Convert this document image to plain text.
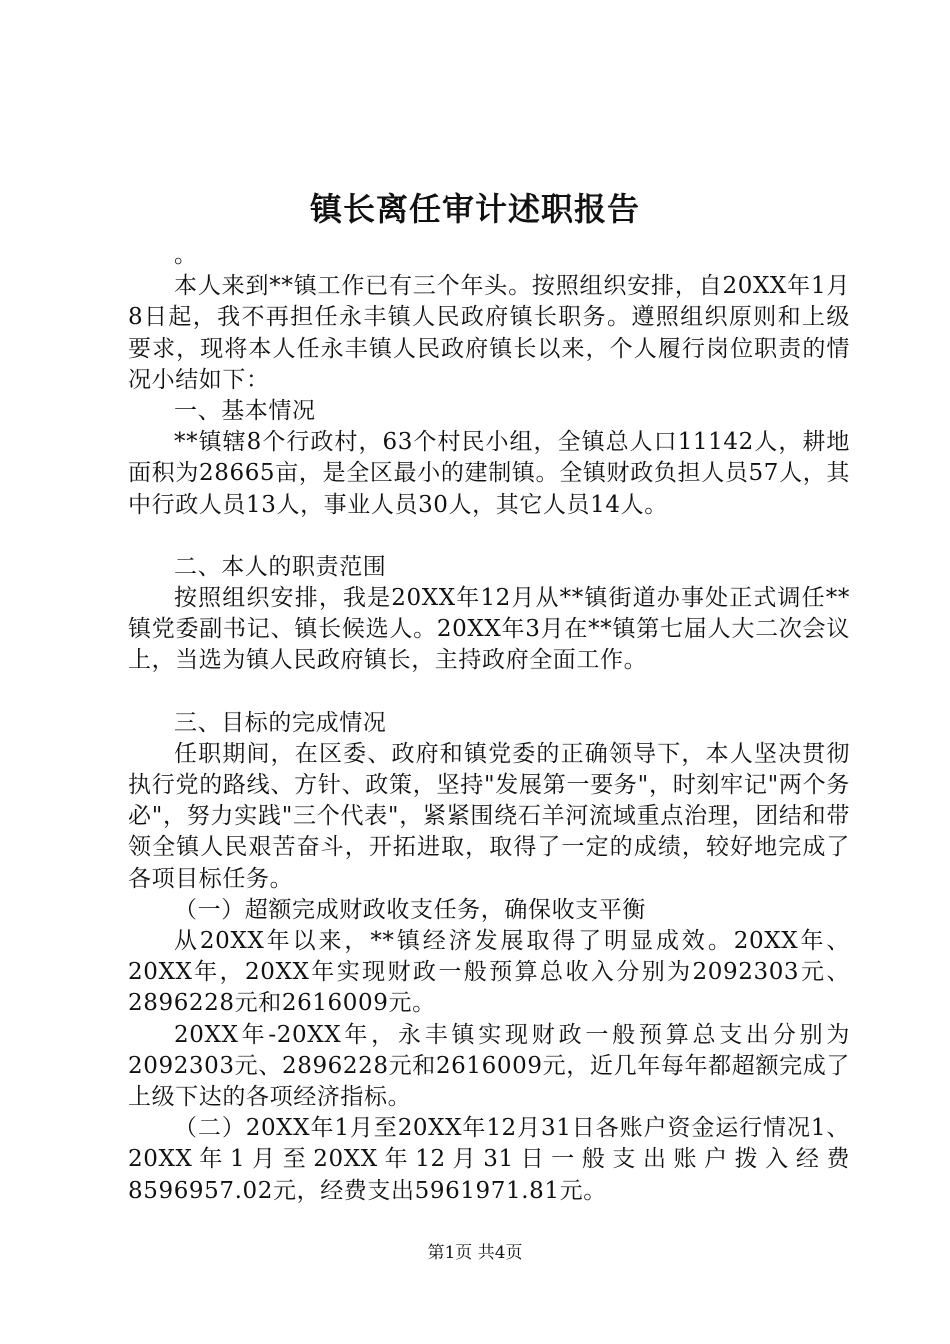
镇长离任审计述职报告

。

本人来到**镇工作已有三个年头。按照组织安排，自20XX年1月8日起，我不再担任永丰镇人民政府镇长职务。遵照组织原则和上级要求，现将本人任永丰镇人民政府镇长以来，个人履行岗位职责的情况小结如下：

一、基本情况

**镇辖8个行政村，63个村民小组，全镇总人口11142人，耕地面积为28665亩，是全区最小的建制镇。全镇财政负担人员57人，其中行政人员13人，事业人员30人，其它人员14人。

二、本人的职责范围

按照组织安排，我是20XX年12月从**镇街道办事处正式调任**镇党委副书记、镇长候选人。20XX年3月在**镇第七届人大二次会议上，当选为镇人民政府镇长，主持政府全面工作。

三、目标的完成情况

任职期间，在区委、政府和镇党委的正确领导下，本人坚决贯彻执行党的路线、方针、政策，坚持"发展第一要务"，时刻牢记"两个务必"，努力实践"三个代表"，紧紧围绕石羊河流域重点治理，团结和带领全镇人民艰苦奋斗，开拓进取，取得了一定的成绩，较好地完成了各项目标任务。

（一）超额完成财政收支任务，确保收支平衡

从20XX年以来，**镇经济发展取得了明显成效。20XX年、20XX年，20XX年实现财政一般预算总收入分别为2092303元、2896228元和2616009元。

20XX年-20XX年，永丰镇实现财政一般预算总支出分别为2092303元、2896228元和2616009元，近几年每年都超额完成了上级下达的各项经济指标。

（二）20XX年1月至20XX年12月31日各账户资金运行情况1、20XX年1月至20XX年12月31日一般支出账户拨入经费8596957.02元，经费支出5961971.81元。

第1页 共4页
